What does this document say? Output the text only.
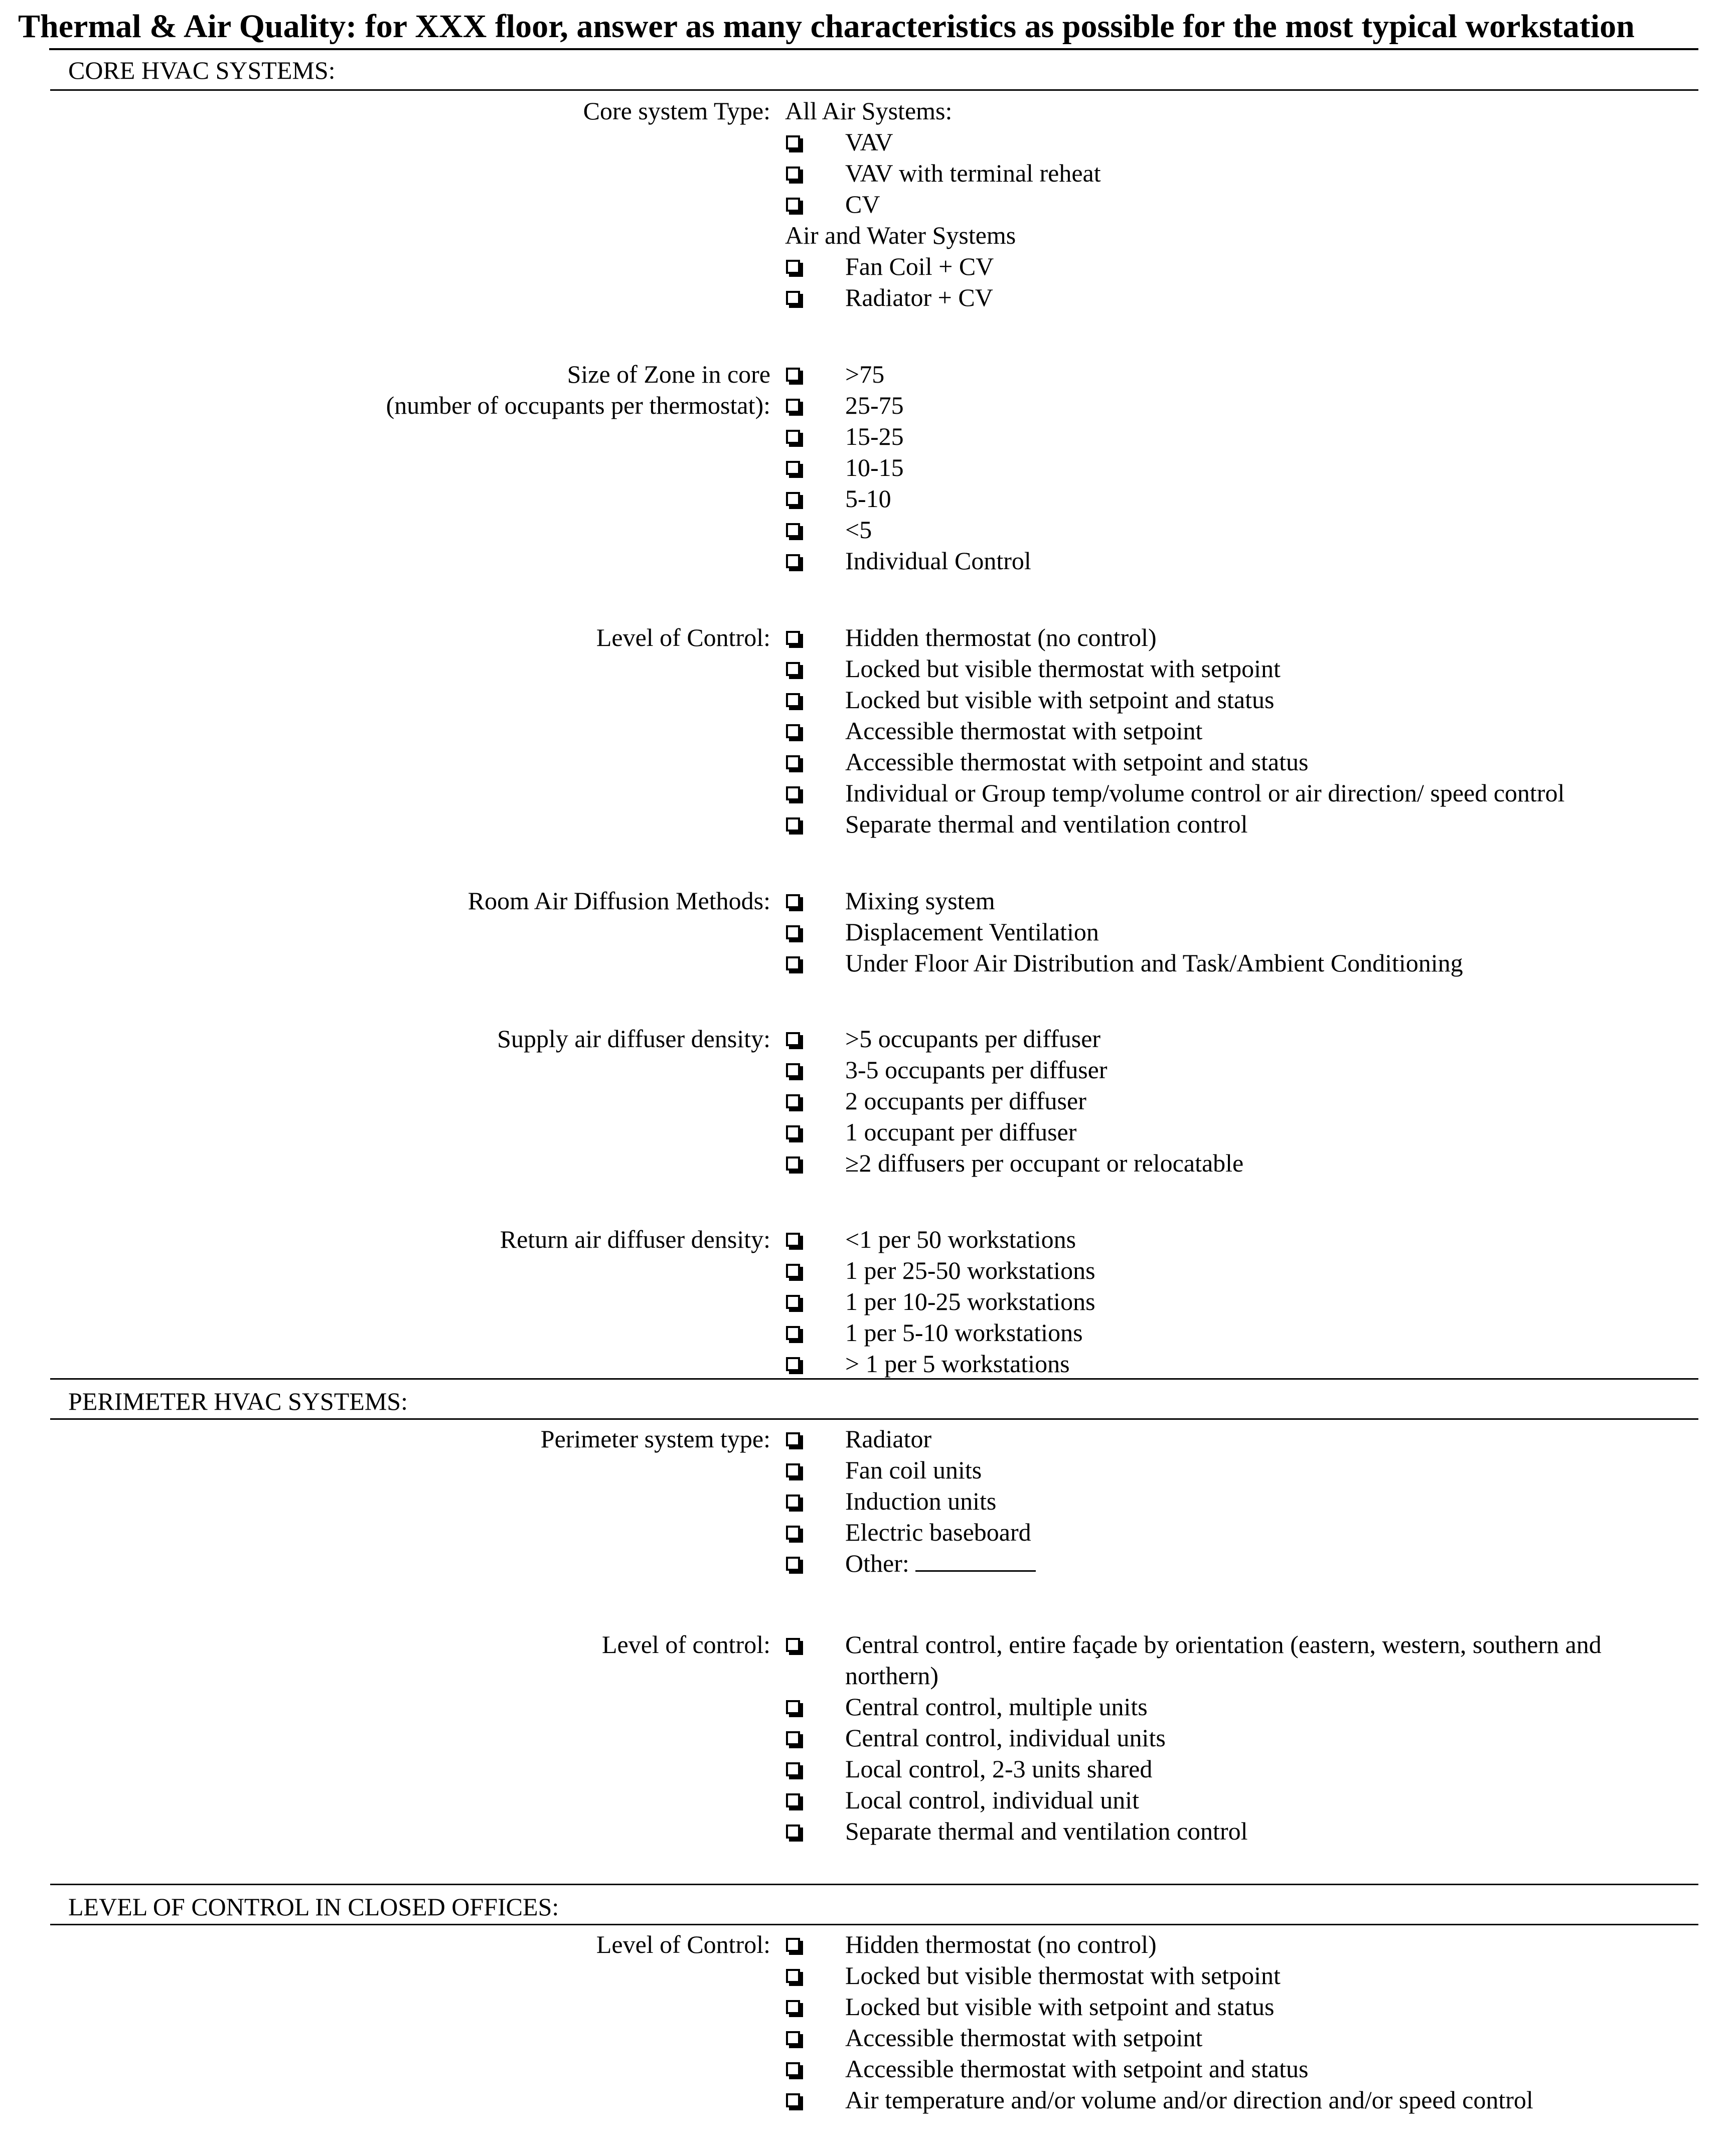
Thermal & Air Quality: for XXX floor, answer as many characteristics as possible for the most typical workstation
CORE HVAC SYSTEMS:
Core system Type: All Air Systems:
VAV
VAV with terminal reheat
CV
Air and Water Systems
Fan Coil + CV
Radiator + CV
Size of Zone in core
(number of occupants per thermostat):
>75
25-75
15-25
10-15
5-10
<5
Individual Control
Level of Control:	Hidden thermostat (no control)
Locked but visible thermostat with setpoint
Locked but visible with setpoint and status
Accessible thermostat with setpoint
Accessible thermostat with setpoint and status
Individual or Group temp/volume control or air direction/ speed control
Separate thermal and ventilation control
Room Air Diffusion Methods:	Mixing system
Displacement Ventilation
Under Floor Air Distribution and Task/Ambient Conditioning
Supply air diffuser density:	>5 occupants per diffuser
3-5 occupants per diffuser
2 occupants per diffuser
1 occupant per diffuser
≥2 diffusers per occupant or relocatable
Return air diffuser density:	<1 per 50 workstations
1 per 25-50 workstations
1 per 10-25 workstations
1 per 5-10 workstations
> 1 per 5 workstations
PERIMETER HVAC SYSTEMS:
Perimeter system type:	Radiator
Fan coil units
Induction units
Electric baseboard
Other:
Level of control:	Central control, entire façade by orientation (eastern, western, southern and
northern)
Central control, multiple units
Central control, individual units
Local control, 2-3 units shared
Local control, individual unit
Separate thermal and ventilation control
LEVEL OF CONTROL IN CLOSED OFFICES:
Level of Control:	Hidden thermostat (no control)
Locked but visible thermostat with setpoint
Locked but visible with setpoint and status
Accessible thermostat with setpoint
Accessible thermostat with setpoint and status
Air temperature and/or volume and/or direction and/or speed control
